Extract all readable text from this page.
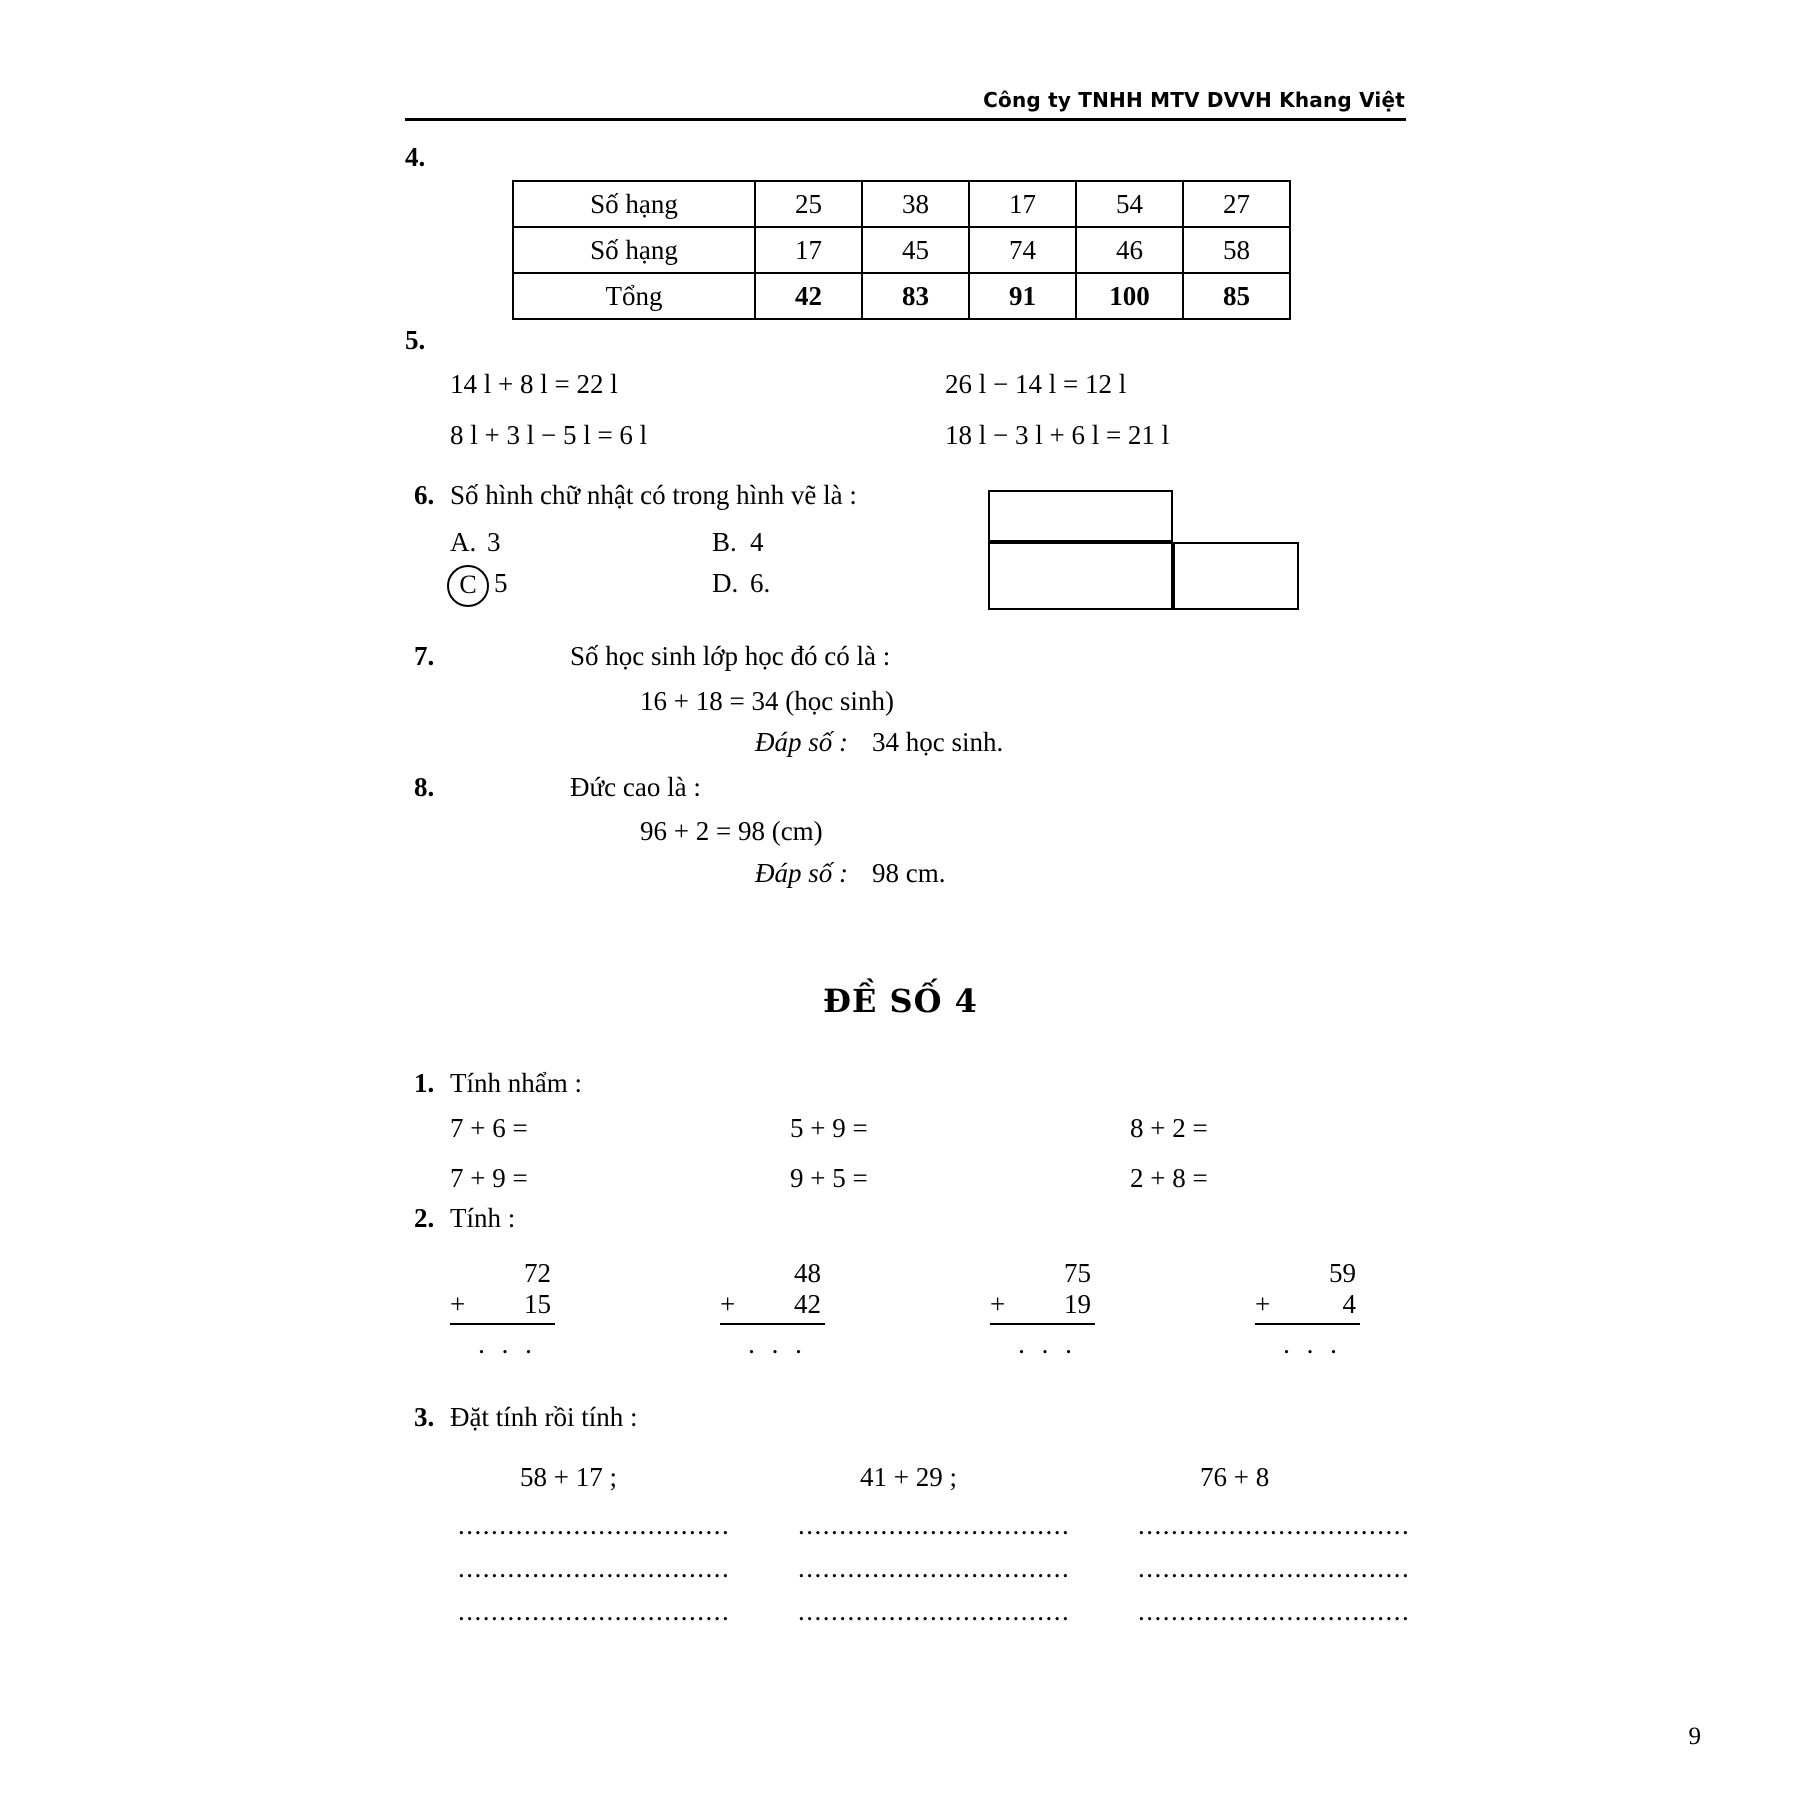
Công ty TNHH MTV DVVH Khang Việt
4.
Số hạng	25	38	17	54	27
Số hạng	17	45	74	46	58
Tổng	42	83	91	100	85
5.
14 l + 8 l = 22 l	26 l − 14 l = 12 l
8 l + 3 l − 5 l = 6 l	18 l − 3 l + 6 l = 21 l
6. Số hình chữ nhật có trong hình vẽ là :
A. 3	B. 4
C 5	D. 6.
7.	Số học sinh lớp học đó có là :
16 + 18 = 34 (học sinh)
Đáp số : 34 học sinh.
8.	Đức cao là :
96 + 2 = 98 (cm)
Đáp số : 98 cm.
ĐỀ SỐ 4
1. Tính nhẩm :
7 + 6 =	5 + 9 =	8 + 2 =
7 + 9 =	9 + 5 =	2 + 8 =
2. Tính :
72
+	15
. . .
48
+	42
. . .
75
+	19
. . .
59
+	4
. . .
3. Đặt tính rồi tính :
58 + 17 ;	41 + 29 ;	76 + 8
.................................
.................................
.................................
.................................
.................................
.................................
.................................
.................................
.................................
9
